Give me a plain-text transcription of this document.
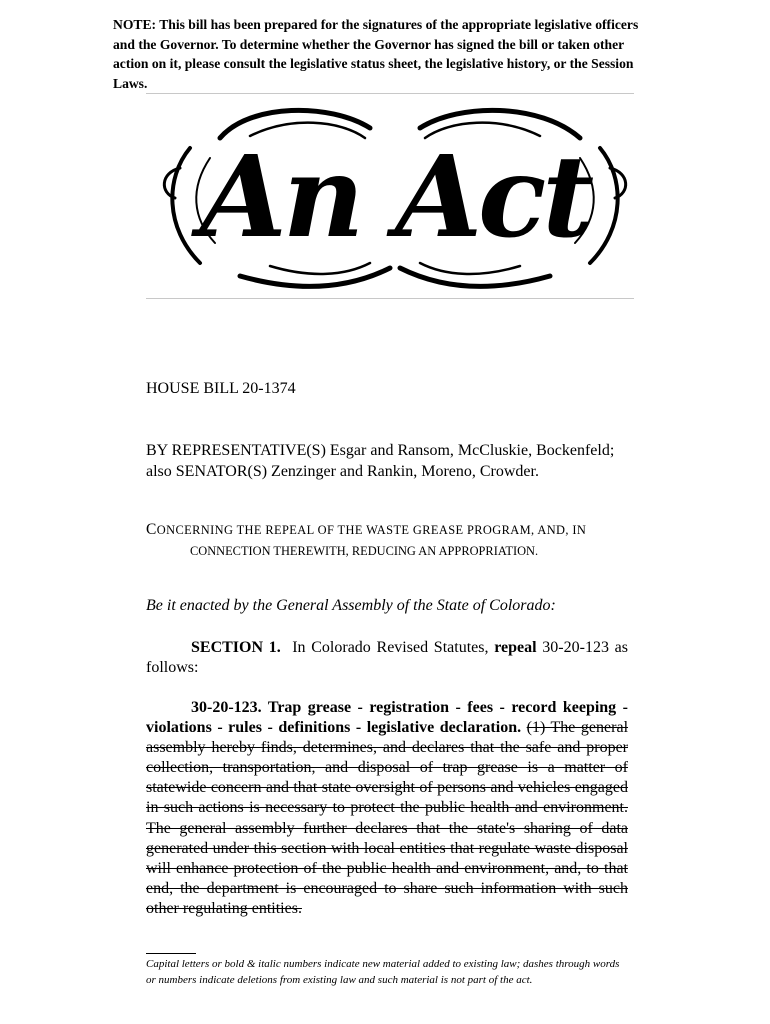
NOTE: This bill has been prepared for the signatures of the appropriate legislative officers and the Governor. To determine whether the Governor has signed the bill or taken other action on it, please consult the legislative status sheet, the legislative history, or the Session Laws.
An Act
HOUSE BILL 20-1374
BY REPRESENTATIVE(S) Esgar and Ransom, McCluskie, Bockenfeld;
also SENATOR(S) Zenzinger and Rankin, Moreno, Crowder.
CONCERNING THE REPEAL OF THE WASTE GREASE PROGRAM, AND, IN
CONNECTION THEREWITH, REDUCING AN APPROPRIATION.
Be it enacted by the General Assembly of the State of Colorado:
SECTION 1. In Colorado Revised Statutes, repeal 30-20-123 as follows:
30-20-123. Trap grease - registration - fees - record keeping - violations - rules - definitions - legislative declaration. (1) The general assembly hereby finds, determines, and declares that the safe and proper collection, transportation, and disposal of trap grease is a matter of statewide concern and that state oversight of persons and vehicles engaged in such actions is necessary to protect the public health and environment. The general assembly further declares that the state's sharing of data generated under this section with local entities that regulate waste disposal will enhance protection of the public health and environment, and, to that end, the department is encouraged to share such information with such other regulating entities.
Capital letters or bold & italic numbers indicate new material added to existing law; dashes through words or numbers indicate deletions from existing law and such material is not part of the act.
